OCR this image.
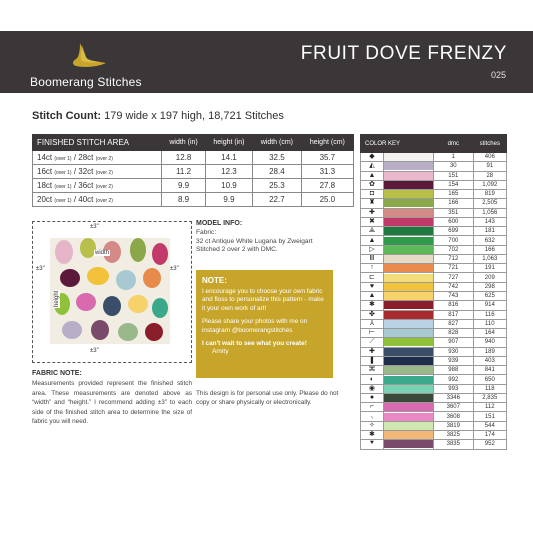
Boomerang Stitches
FRUIT DOVE FRENZY
025
Stitch Count: 179 wide x 197 high, 18,721 Stitches
FINISHED STITCH AREA	width (in)	height (in)	width (cm)	height (cm)
14ct (over 1) / 28ct (over 2)	12.8	14.1	32.5	35.7
16ct (over 1) / 32ct (over 2)	11.2	12.3	28.4	31.3
18ct (over 1) / 36ct (over 2)	9.9	10.9	25.3	27.8
20ct (over 1) / 40ct (over 2)	8.9	9.9	22.7	25.0
±3"
±3"	±3"
±3"
width
height
FABRIC NOTE:
Measurements provided represent the finished stitch area. These measurements are denoted above as “width” and “height.” I recommend adding ±3” to each side of the finished stitch area to determine the size of fabric you will need.
MODEL INFO:
Fabric:
32 ct Antique White Lugana by Zweigart
Stitched 2 over 2 with DMC.
NOTE:
I encourage you to choose your own fabric and floss to personalize this pattern - make it your own work of art!
Please share your photos with me on instagram @boomerangstitches
I can't wait to see what you create!
Amity
This design is for personal use only. Please do not copy or share physically or electronically.
COLOR KEY		dmc	stitches
◆		1	406
◭		30	91
▲		151	28
✿		154	1,092
◘		165	819
♜		166	2,505
✚		351	1,056
✖		600	143
⟁		699	181
▲		700	632
▷		702	166
Ⅲ		712	1,063
↑		721	191
⊏		727	209
♥		742	298
▲		743	625
✱		816	914
✤		817	116
⅄		827	110
⊢		828	164
⟋		907	940
✚		930	189
❚		939	403
⌘		988	841
◐		992	650
◉		993	118
●		3346	2,835
⌐		3607	112
⸜		3608	151
✧		3819	544
✱		3825	174
⯆		3835	952
